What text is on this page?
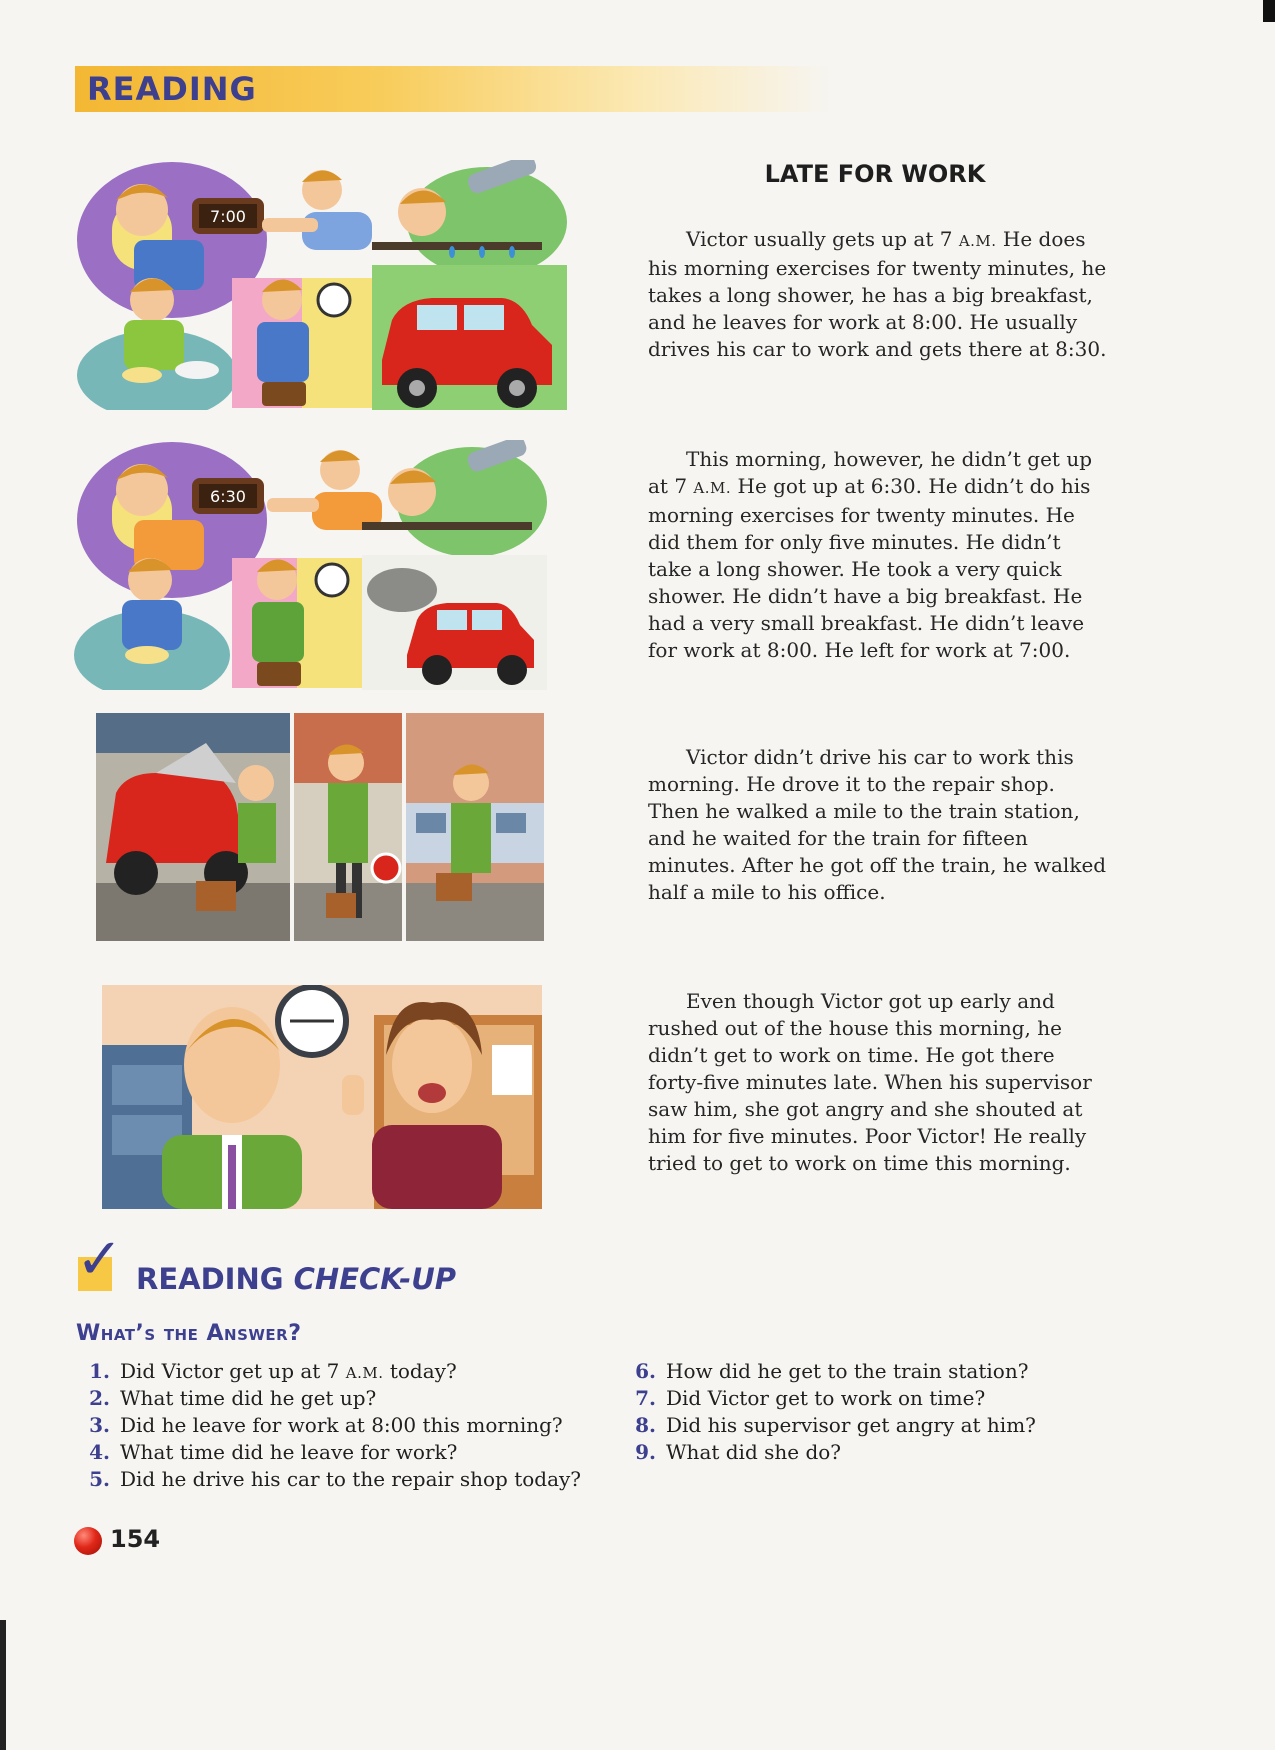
READING
LATE FOR WORK

Victor usually gets up at 7 A.M. He does his morning exercises for twenty minutes, he takes a long shower, he has a big breakfast, and he leaves for work at 8:00. He usually drives his car to work and gets there at 8:30.

This morning, however, he didn’t get up at 7 A.M. He got up at 6:30. He didn’t do his morning exercises for twenty minutes. He did them for only five minutes. He didn’t take a long shower. He took a very quick shower. He didn’t have a big breakfast. He had a very small breakfast. He didn’t leave for work at 8:00. He left for work at 7:00.

Victor didn’t drive his car to work this morning. He drove it to the repair shop. Then he walked a mile to the train station, and he waited for the train for fifteen minutes. After he got off the train, he walked half a mile to his office.

Even though Victor got up early and rushed out of the house this morning, he didn’t get to work on time. He got there forty-five minutes late. When his supervisor saw him, she got angry and she shouted at him for five minutes. Poor Victor! He really tried to get to work on time this morning.

7:00
6:30
✓ READING CHECK-UP
What’s the Answer?
1. Did Victor get up at 7 A.M. today?
2. What time did he get up?
3. Did he leave for work at 8:00 this morning?
4. What time did he leave for work?
5. Did he drive his car to the repair shop today?
6. How did he get to the train station?
7. Did Victor get to work on time?
8. Did his supervisor get angry at him?
9. What did she do?
154
